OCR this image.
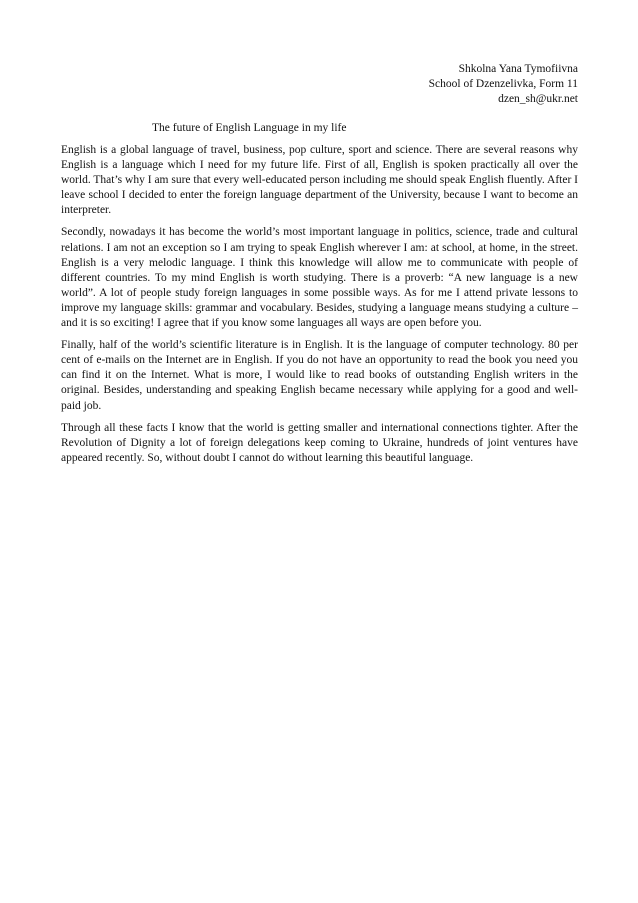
Shkolna Yana Tymofiivna
School of Dzenzelivka, Form 11
dzen_sh@ukr.net
The future of English Language in my life

English is a global language of travel, business, pop culture, sport and science. There are several reasons why English is a language which I need for my future life. First of all, English is spoken practically all over the world. That’s why I am sure that every well-educated person including me should speak English fluently. After I leave school I decided to enter the foreign language department of the University, because I want to become an interpreter.

Secondly, nowadays it has become the world’s most important language in politics, science, trade and cultural relations. I am not an exception so I am trying to speak English wherever I am: at school, at home, in the street. English is a very melodic language. I think this knowledge will allow me to communicate with people of different countries. To my mind English is worth studying. There is a proverb: “A new language is a new world”. A lot of people study foreign languages in some possible ways. As for me I attend private lessons to improve my language skills: grammar and vocabulary. Besides, studying a language means studying a culture – and it is so exciting! I agree that if you know some languages all ways are open before you.

Finally, half of the world’s scientific literature is in English. It is the language of computer technology. 80 per cent of e-mails on the Internet are in English. If you do not have an opportunity to read the book you need you can find it on the Internet. What is more, I would like to read books of outstanding English writers in the original. Besides, understanding and speaking English became necessary while applying for a good and well-paid job.

Through all these facts I know that the world is getting smaller and international connections tighter. After the Revolution of Dignity a lot of foreign delegations keep coming to Ukraine, hundreds of joint ventures have appeared recently. So, without doubt I cannot do without learning this beautiful language.
